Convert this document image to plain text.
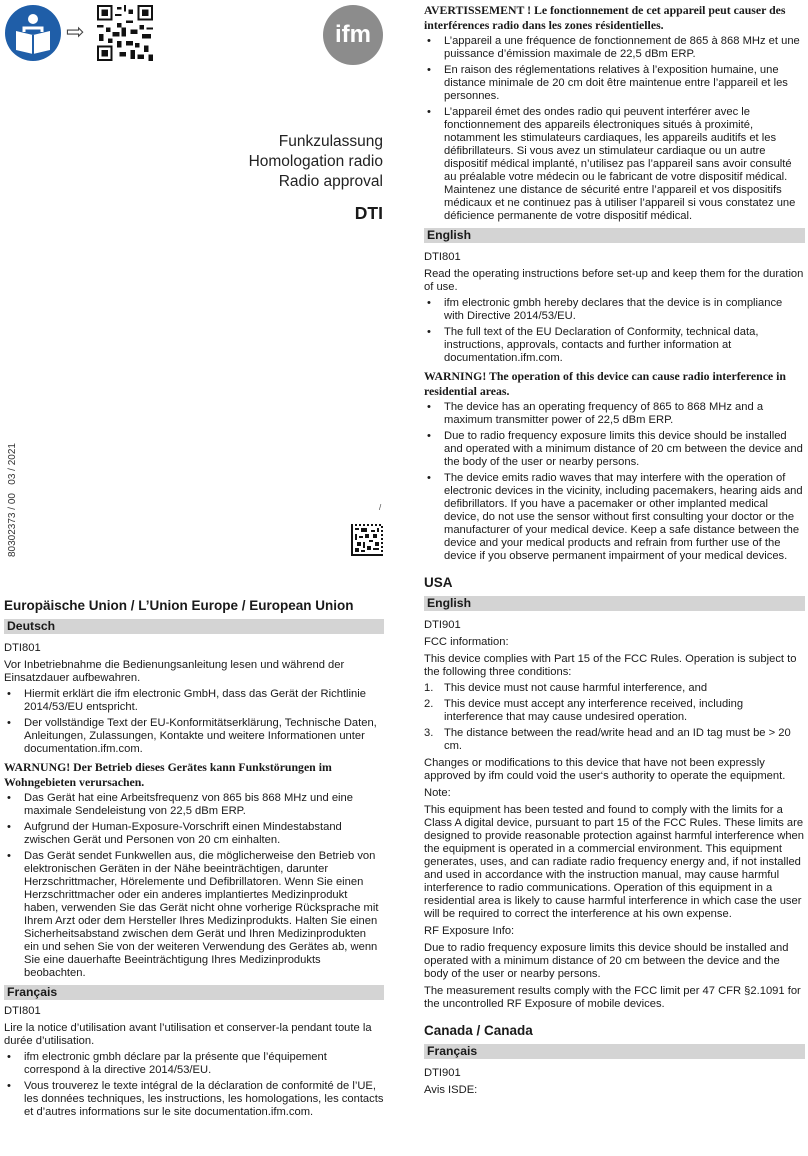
⇨	ifm
Funkzulassung
Homologation radio
Radio approval
DTI
80302373 / 00   03 / 2021	/
Europäische Union / L’Union Europe / European Union
Deutsch

DTI801

Vor Inbetriebnahme die Bedienungsanleitung lesen und während der Einsatzdauer aufbewahren.

• Hiermit erklärt die ifm electronic GmbH, dass das Gerät der Richtlinie 2014/53/EU entspricht.
• Der vollständige Text der EU-Konformitätserklärung, Technische Daten, Anleitungen, Zulassungen, Kontakte und weitere Informationen unter documentation.ifm.com.

WARNUNG! Der Betrieb dieses Gerätes kann Funkstörungen im Wohngebieten verursachen.

• Das Gerät hat eine Arbeitsfrequenz von 865 bis 868 MHz und eine maximale Sendeleistung von 22,5 dBm ERP.
• Aufgrund der Human-Exposure-Vorschrift einen Mindestabstand zwischen Gerät und Personen von 20 cm einhalten.
• Das Gerät sendet Funkwellen aus, die möglicherweise den Betrieb von elektronischen Geräten in der Nähe beeinträchtigen, darunter Herzschrittmacher, Hörelemente und Defibrillatoren. Wenn Sie einen Herzschrittmacher oder ein anderes implantiertes Medizinprodukt haben, verwenden Sie das Gerät nicht ohne vorherige Rücksprache mit Ihrem Arzt oder dem Hersteller Ihres Medizinprodukts. Halten Sie einen Sicherheitsabstand zwischen dem Gerät und Ihren Medizinprodukten ein und sehen Sie von der weiteren Verwendung des Gerätes ab, wenn Sie eine dauerhafte Beeinträchtigung Ihres Medizinprodukts beobachten.
Français

DTI801

Lire la notice d’utilisation avant l’utilisation et conserver-la pendant toute la durée d’utilisation.

• ifm electronic gmbh déclare par la présente que l’équipement correspond à la directive 2014/53/EU.
• Vous trouverez le texte intégral de la déclaration de conformité de l’UE, les données techniques, les instructions, les homologations, les contacts et d’autres informations sur le site documentation.ifm.com.

AVERTISSEMENT ! Le fonctionnement de cet appareil peut causer des interférences radio dans les zones résidentielles.

• L’appareil a une fréquence de fonctionnement de 865 à 868 MHz et une puissance d’émission maximale de 22,5 dBm ERP.
• En raison des réglementations relatives à l’exposition humaine, une distance minimale de 20 cm doit être maintenue entre l’appareil et les personnes.
• L’appareil émet des ondes radio qui peuvent interférer avec le fonctionnement des appareils électroniques situés à proximité, notamment les stimulateurs cardiaques, les appareils auditifs et les défibrillateurs. Si vous avez un stimulateur cardiaque ou un autre dispositif médical implanté, n’utilisez pas l’appareil sans avoir consulté au préalable votre médecin ou le fabricant de votre dispositif médical. Maintenez une distance de sécurité entre l’appareil et vos dispositifs médicaux et ne continuez pas à utiliser l’appareil si vous constatez une déficience permanente de votre dispositif médical.
English

DTI801

Read the operating instructions before set-up and keep them for the duration of use.

• ifm electronic gmbh hereby declares that the device is in compliance with Directive 2014/53/EU.
• The full text of the EU Declaration of Conformity, technical data, instructions, approvals, contacts and further information at documentation.ifm.com.

WARNING! The operation of this device can cause radio interference in residential areas.

• The device has an operating frequency of 865 to 868 MHz and a maximum transmitter power of 22,5 dBm ERP.
• Due to radio frequency exposure limits this device should be installed and operated with a minimum distance of 20 cm between the device and the body of the user or nearby persons.
• The device emits radio waves that may interfere with the operation of electronic devices in the vicinity, including pacemakers, hearing aids and defibrillators. If you have a pacemaker or other implanted medical device, do not use the sensor without first consulting your doctor or the manufacturer of your medical device. Keep a safe distance between the device and your medical products and refrain from further use of the device if you observe permanent impairment of your medical devices.
USA
English

DTI901

FCC information:

This device complies with Part 15 of the FCC Rules. Operation is subject to the following three conditions:

1. This device must not cause harmful interference, and
2. This device must accept any interference received, including interference that may cause undesired operation.
3. The distance between the read/write head and an ID tag must be > 20 cm.

Changes or modifications to this device that have not been expressly approved by ifm could void the user‘s authority to operate the equipment.

Note:

This equipment has been tested and found to comply with the limits for a Class A digital device, pursuant to part 15 of the FCC Rules. These limits are designed to provide reasonable protection against harmful interference when the equipment is operated in a commercial environment. This equipment generates, uses, and can radiate radio frequency energy and, if not installed and used in accordance with the instruction manual, may cause harmful interference to radio communications. Operation of this equipment in a residential area is likely to cause harmful interference in which case the user will be required to correct the interference at his own expense.

RF Exposure Info:

Due to radio frequency exposure limits this device should be installed and operated with a minimum distance of 20 cm between the device and the body of the user or nearby persons.

The measurement results comply with the FCC limit per 47 CFR §2.1091 for the uncontrolled RF Exposure of mobile devices.

Canada / Canada
Français

DTI901

Avis ISDE:
